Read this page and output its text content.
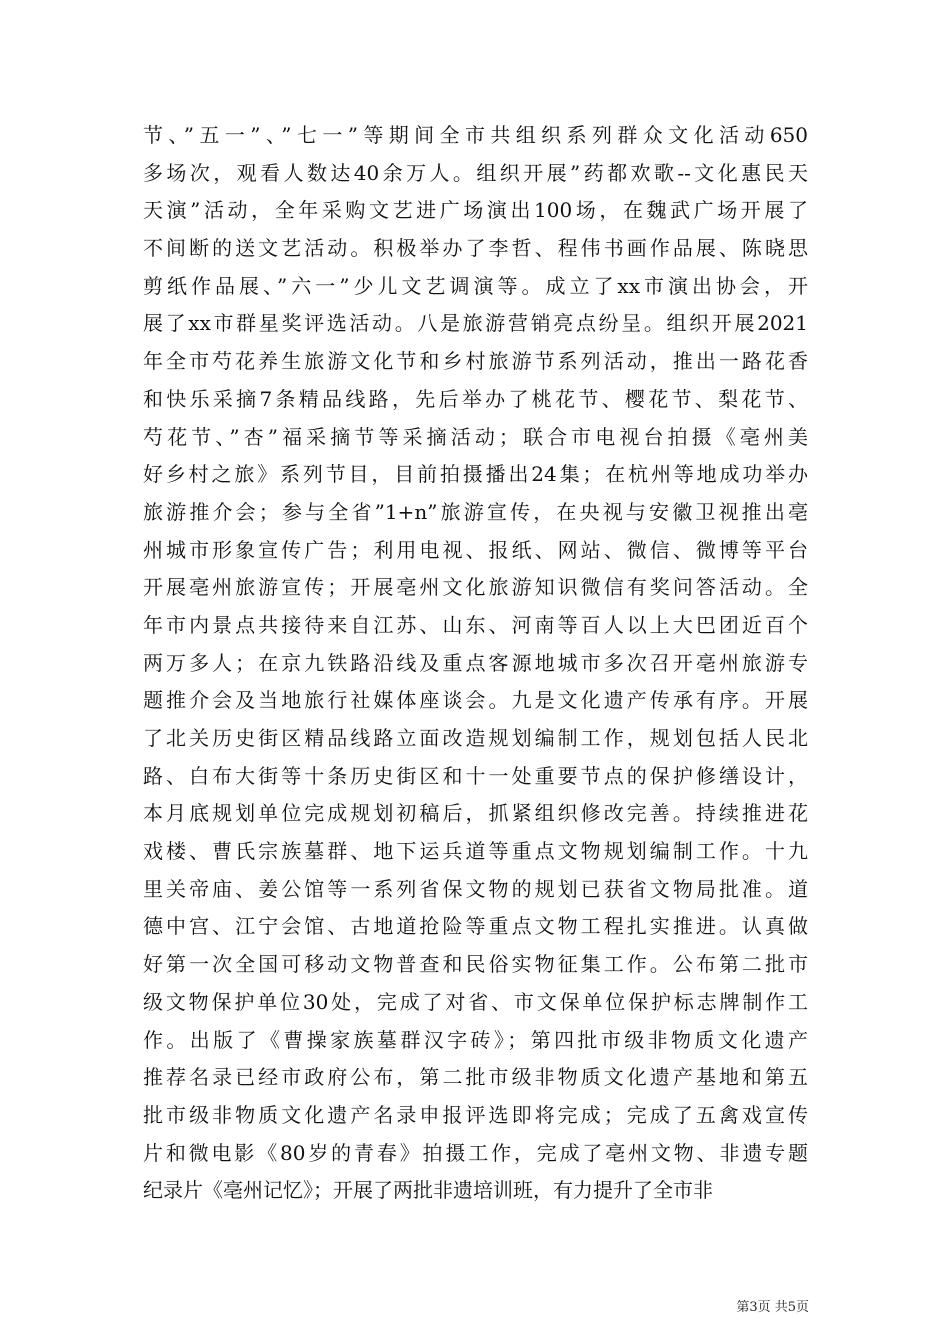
节、”五一”、”七一”等期间全市共组织系列群众文化活动650
多场次，观看人数达40余万人。组织开展”药都欢歌--文化惠民天
天演”活动，全年采购文艺进广场演出100场，在魏武广场开展了
不间断的送文艺活动。积极举办了李哲、程伟书画作品展、陈晓思
剪纸作品展、”六一”少儿文艺调演等。成立了xx市演出协会，开
展了xx市群星奖评选活动。八是旅游营销亮点纷呈。组织开展2021
年全市芍花养生旅游文化节和乡村旅游节系列活动，推出一路花香
和快乐采摘7条精品线路，先后举办了桃花节、樱花节、梨花节、
芍花节、”杏”福采摘节等采摘活动；联合市电视台拍摄《亳州美
好乡村之旅》系列节目，目前拍摄播出24集；在杭州等地成功举办
旅游推介会；参与全省”1+n”旅游宣传，在央视与安徽卫视推出亳
州城市形象宣传广告；利用电视、报纸、网站、微信、微博等平台
开展亳州旅游宣传；开展亳州文化旅游知识微信有奖问答活动。全
年市内景点共接待来自江苏、山东、河南等百人以上大巴团近百个
两万多人；在京九铁路沿线及重点客源地城市多次召开亳州旅游专
题推介会及当地旅行社媒体座谈会。九是文化遗产传承有序。开展
了北关历史街区精品线路立面改造规划编制工作，规划包括人民北
路、白布大街等十条历史街区和十一处重要节点的保护修缮设计，
本月底规划单位完成规划初稿后，抓紧组织修改完善。持续推进花
戏楼、曹氏宗族墓群、地下运兵道等重点文物规划编制工作。十九
里关帝庙、姜公馆等一系列省保文物的规划已获省文物局批准。道
德中宫、江宁会馆、古地道抢险等重点文物工程扎实推进。认真做
好第一次全国可移动文物普查和民俗实物征集工作。公布第二批市
级文物保护单位30处，完成了对省、市文保单位保护标志牌制作工
作。出版了《曹操家族墓群汉字砖》；第四批市级非物质文化遗产
推荐名录已经市政府公布，第二批市级非物质文化遗产基地和第五
批市级非物质文化遗产名录申报评选即将完成；完成了五禽戏宣传
片和微电影《80岁的青春》拍摄工作，完成了亳州文物、非遗专题
纪录片《亳州记忆》；开展了两批非遗培训班，有力提升了全市非
第3页 共5页
